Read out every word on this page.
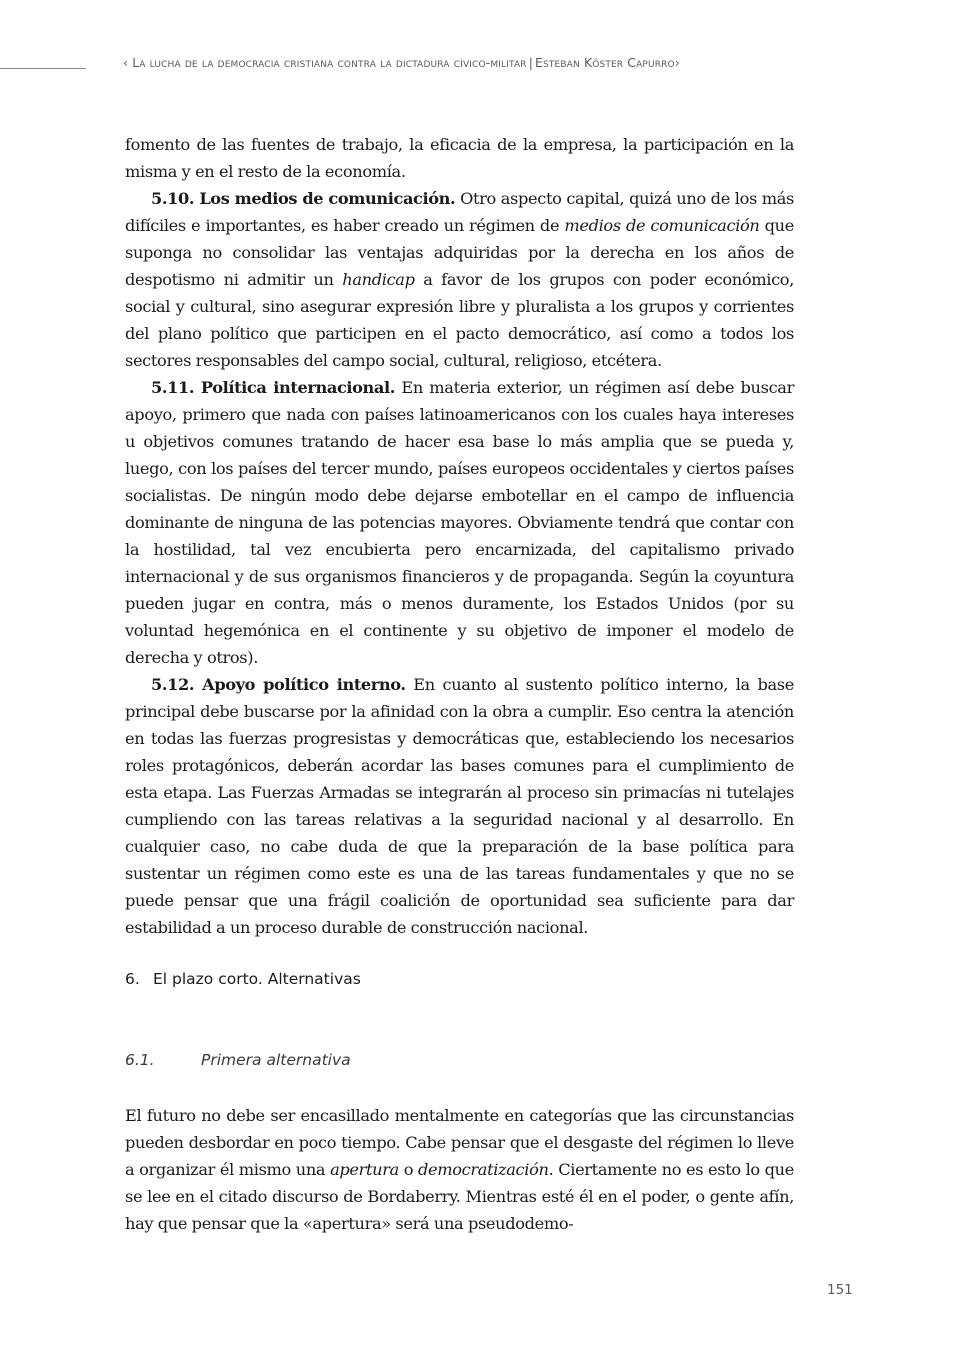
‹ La lucha de la democracia cristiana contra la dictadura cívico-militar | Esteban Köster Capurro›

fomento de las fuentes de trabajo, la eficacia de la empresa, la participación en la misma y en el resto de la economía.

5.10. Los medios de comunicación. Otro aspecto capital, quizá uno de los más difíciles e importantes, es haber creado un régimen de medios de comunicación que suponga no consolidar las ventajas adquiridas por la derecha en los años de despotismo ni admitir un handicap a favor de los grupos con poder económico, social y cultural, sino asegurar expresión libre y pluralista a los grupos y corrientes del plano político que participen en el pacto democrático, así como a todos los sectores responsables del campo social, cultural, religioso, etcétera.

5.11. Política internacional. En materia exterior, un régimen así debe buscar apoyo, primero que nada con países latinoamericanos con los cuales haya intereses u objetivos comunes tratando de hacer esa base lo más amplia que se pueda y, luego, con los países del tercer mundo, países europeos occidentales y ciertos países socialistas. De ningún modo debe dejarse embotellar en el campo de influencia dominante de ninguna de las potencias mayores. Obviamente tendrá que contar con la hostilidad, tal vez encubierta pero encarnizada, del capitalismo privado internacional y de sus organismos financieros y de propaganda. Según la coyuntura pueden jugar en contra, más o menos duramente, los Estados Unidos (por su voluntad hegemónica en el continente y su objetivo de imponer el modelo de derecha y otros).

5.12. Apoyo político interno. En cuanto al sustento político interno, la base principal debe buscarse por la afinidad con la obra a cumplir. Eso centra la atención en todas las fuerzas progresistas y democráticas que, estableciendo los necesarios roles protagónicos, deberán acordar las bases comunes para el cumplimiento de esta etapa. Las Fuerzas Armadas se integrarán al proceso sin primacías ni tutelajes cumpliendo con las tareas relativas a la seguridad nacional y al desarrollo. En cualquier caso, no cabe duda de que la preparación de la base política para sustentar un régimen como este es una de las tareas fundamentales y que no se puede pensar que una frágil coalición de oportunidad sea suficiente para dar estabilidad a un proceso durable de construcción nacional.

6. El plazo corto. Alternativas
6.1.	Primera alternativa

El futuro no debe ser encasillado mentalmente en categorías que las circunstancias pueden desbordar en poco tiempo. Cabe pensar que el desgaste del régimen lo lleve a organizar él mismo una apertura o democratización. Ciertamente no es esto lo que se lee en el citado discurso de Bordaberry. Mientras esté él en el poder, o gente afín, hay que pensar que la «apertura» será una pseudodemo-

151
